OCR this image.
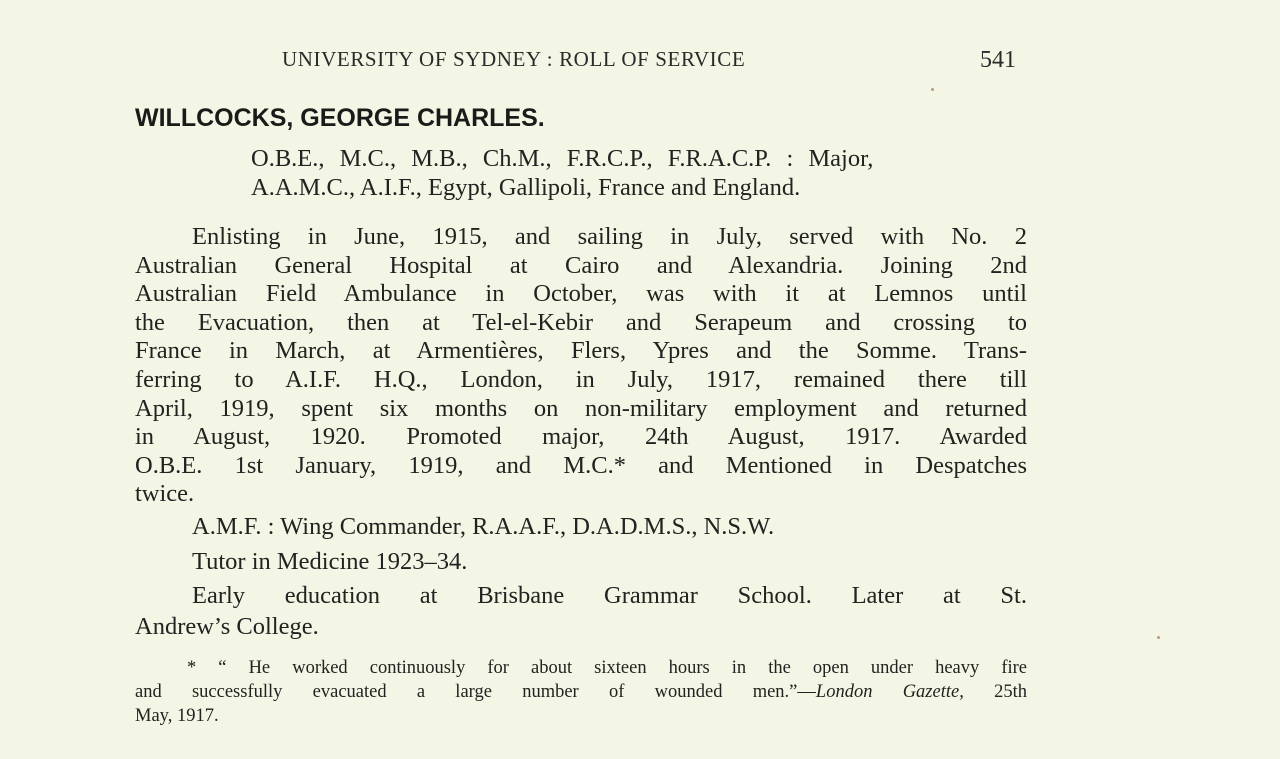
UNIVERSITY OF SYDNEY : ROLL OF SERVICE	541
WILLCOCKS, GEORGE CHARLES.
O.B.E., M.C., M.B., Ch.M., F.R.C.P., F.R.A.C.P. : Major,
A.A.M.C., A.I.F., Egypt, Gallipoli, France and England.
Enlisting in June, 1915, and sailing in July, served with No. 2
Australian General Hospital at Cairo and Alexandria. Joining 2nd
Australian Field Ambulance in October, was with it at Lemnos until
the Evacuation, then at Tel-el-Kebir and Serapeum and crossing to
France in March, at Armentières, Flers, Ypres and the Somme. Trans-
ferring to A.I.F. H.Q., London, in July, 1917, remained there till
April, 1919, spent six months on non-military employment and returned
in August, 1920. Promoted major, 24th August, 1917. Awarded
O.B.E. 1st January, 1919, and M.C.* and Mentioned in Despatches
twice.
A.M.F. : Wing Commander, R.A.A.F., D.A.D.M.S., N.S.W.
Tutor in Medicine 1923–34.
Early education at Brisbane Grammar School. Later at St.
Andrew’s College.
* “ He worked continuously for about sixteen hours in the open under heavy fire
and successfully evacuated a large number of wounded men.”—London Gazette, 25th
May, 1917.
